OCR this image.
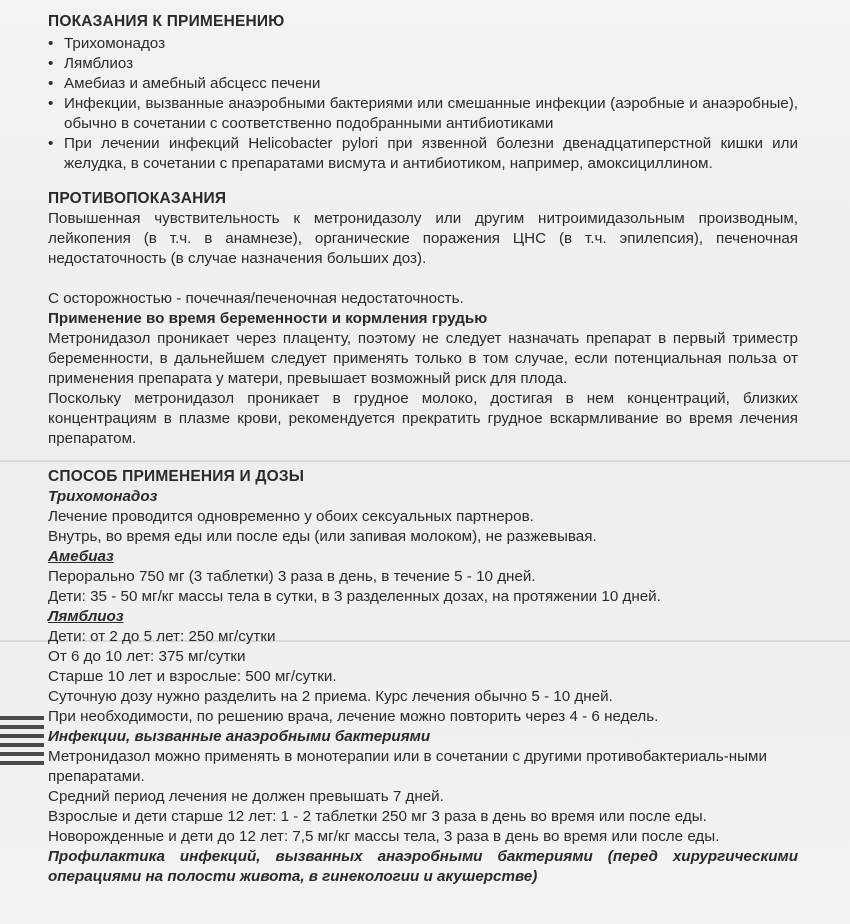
ПОКАЗАНИЯ К ПРИМЕНЕНИЮ

• Трихомонадоз
• Лямблиоз
• Амебиаз и амебный абсцесс печени
• Инфекции, вызванные анаэробными бактериями или смешанные инфекции (аэробные и анаэробные), обычно в сочетании с соответственно подобранными антибиотиками
• При лечении инфекций Helicobacter pylori при язвенной болезни двенадцатиперстной кишки или желудка, в сочетании с препаратами висмута и антибиотиком, например, амоксициллином.

ПРОТИВОПОКАЗАНИЯ

Повышенная чувствительность к метронидазолу или другим нитроимидазольным производным, лейкопения (в т.ч. в анамнезе), органические поражения ЦНС (в т.ч. эпилепсия), печеночная недостаточность (в случае назначения больших доз).

С осторожностью - почечная/печеночная недостаточность.

Применение во время беременности и кормления грудью

Метронидазол проникает через плаценту, поэтому не следует назначать препарат в первый триместр беременности, в дальнейшем следует применять только в том случае, если потенциальная польза от применения препарата у матери, превышает возможный риск для плода.

Поскольку метронидазол проникает в грудное молоко, достигая в нем концентраций, близких концентрациям в плазме крови, рекомендуется прекратить грудное вскармливание во время лечения препаратом.

СПОСОБ ПРИМЕНЕНИЯ И ДОЗЫ

Трихомонадоз

Лечение проводится одновременно у обоих сексуальных партнеров.

Внутрь, во время еды или после еды (или запивая молоком), не разжевывая.

Амебиаз

Перорально 750 мг (3 таблетки) 3 раза в день, в течение 5 - 10 дней.

Дети: 35 - 50 мг/кг массы тела в сутки, в 3 разделенных дозах, на протяжении 10 дней.

Лямблиоз

Дети: от 2 до 5 лет: 250 мг/сутки

От 6 до 10 лет: 375 мг/сутки

Старше 10 лет и взрослые: 500 мг/сутки.

Суточную дозу нужно разделить на 2 приема. Курс лечения обычно 5 - 10 дней.

При необходимости, по решению врача, лечение можно повторить через 4 - 6 недель.

Инфекции, вызванные анаэробными бактериями

Метронидазол можно применять в монотерапии или в сочетании с другими противобактериаль-ными препаратами.

Средний период лечения не должен превышать 7 дней.

Взрослые и дети старше 12 лет: 1 - 2 таблетки 250 мг 3 раза в день во время или после еды.

Новорожденные и дети до 12 лет: 7,5 мг/кг массы тела, 3 раза в день во время или после еды.

Профилактика инфекций, вызванных анаэробными бактериями (перед хирургическими операциями на полости живота, в гинекологии и акушерстве)
